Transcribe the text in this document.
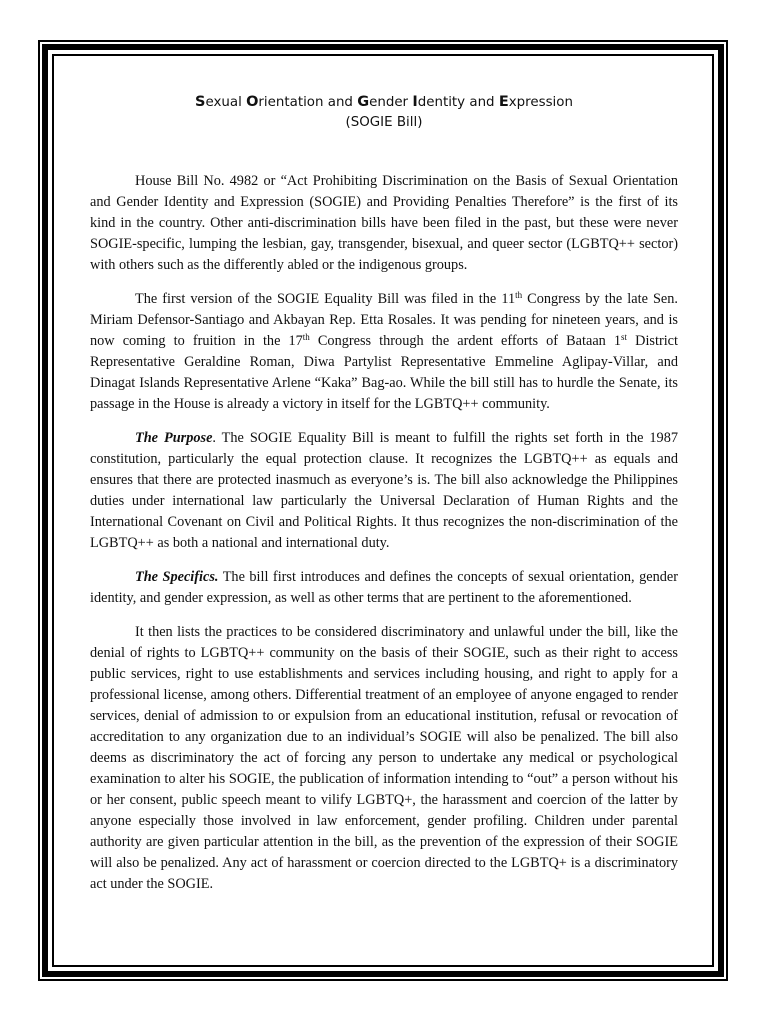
Sexual Orientation and Gender Identity and Expression
(SOGIE Bill)

House Bill No. 4982 or “Act Prohibiting Discrimination on the Basis of Sexual Orientation and Gender Identity and Expression (SOGIE) and Providing Penalties Therefore” is the first of its kind in the country. Other anti-discrimination bills have been filed in the past, but these were never SOGIE-specific, lumping the lesbian, gay, transgender, bisexual, and queer sector (LGBTQ++ sector) with others such as the differently abled or the indigenous groups.

The first version of the SOGIE Equality Bill was filed in the 11th Congress by the late Sen. Miriam Defensor-Santiago and Akbayan Rep. Etta Rosales. It was pending for nineteen years, and is now coming to fruition in the 17th Congress through the ardent efforts of Bataan 1st District Representative Geraldine Roman, Diwa Partylist Representative Emmeline Aglipay-Villar, and Dinagat Islands Representative Arlene “Kaka” Bag-ao. While the bill still has to hurdle the Senate, its passage in the House is already a victory in itself for the LGBTQ++ community.

The Purpose. The SOGIE Equality Bill is meant to fulfill the rights set forth in the 1987 constitution, particularly the equal protection clause. It recognizes the LGBTQ++ as equals and ensures that there are protected inasmuch as everyone’s is. The bill also acknowledge the Philippines duties under international law particularly the Universal Declaration of Human Rights and the International Covenant on Civil and Political Rights. It thus recognizes the non-discrimination of the LGBTQ++ as both a national and international duty.

The Specifics. The bill first introduces and defines the concepts of sexual orientation, gender identity, and gender expression, as well as other terms that are pertinent to the aforementioned.

It then lists the practices to be considered discriminatory and unlawful under the bill, like the denial of rights to LGBTQ++ community on the basis of their SOGIE, such as their right to access public services, right to use establishments and services including housing, and right to apply for a professional license, among others. Differential treatment of an employee of anyone engaged to render services, denial of admission to or expulsion from an educational institution, refusal or revocation of accreditation to any organization due to an individual’s SOGIE will also be penalized. The bill also deems as discriminatory the act of forcing any person to undertake any medical or psychological examination to alter his SOGIE, the publication of information intending to “out” a person without his or her consent, public speech meant to vilify LGBTQ+, the harassment and coercion of the latter by anyone especially those involved in law enforcement, gender profiling. Children under parental authority are given particular attention in the bill, as the prevention of the expression of their SOGIE will also be penalized. Any act of harassment or coercion directed to the LGBTQ+ is a discriminatory act under the SOGIE.
